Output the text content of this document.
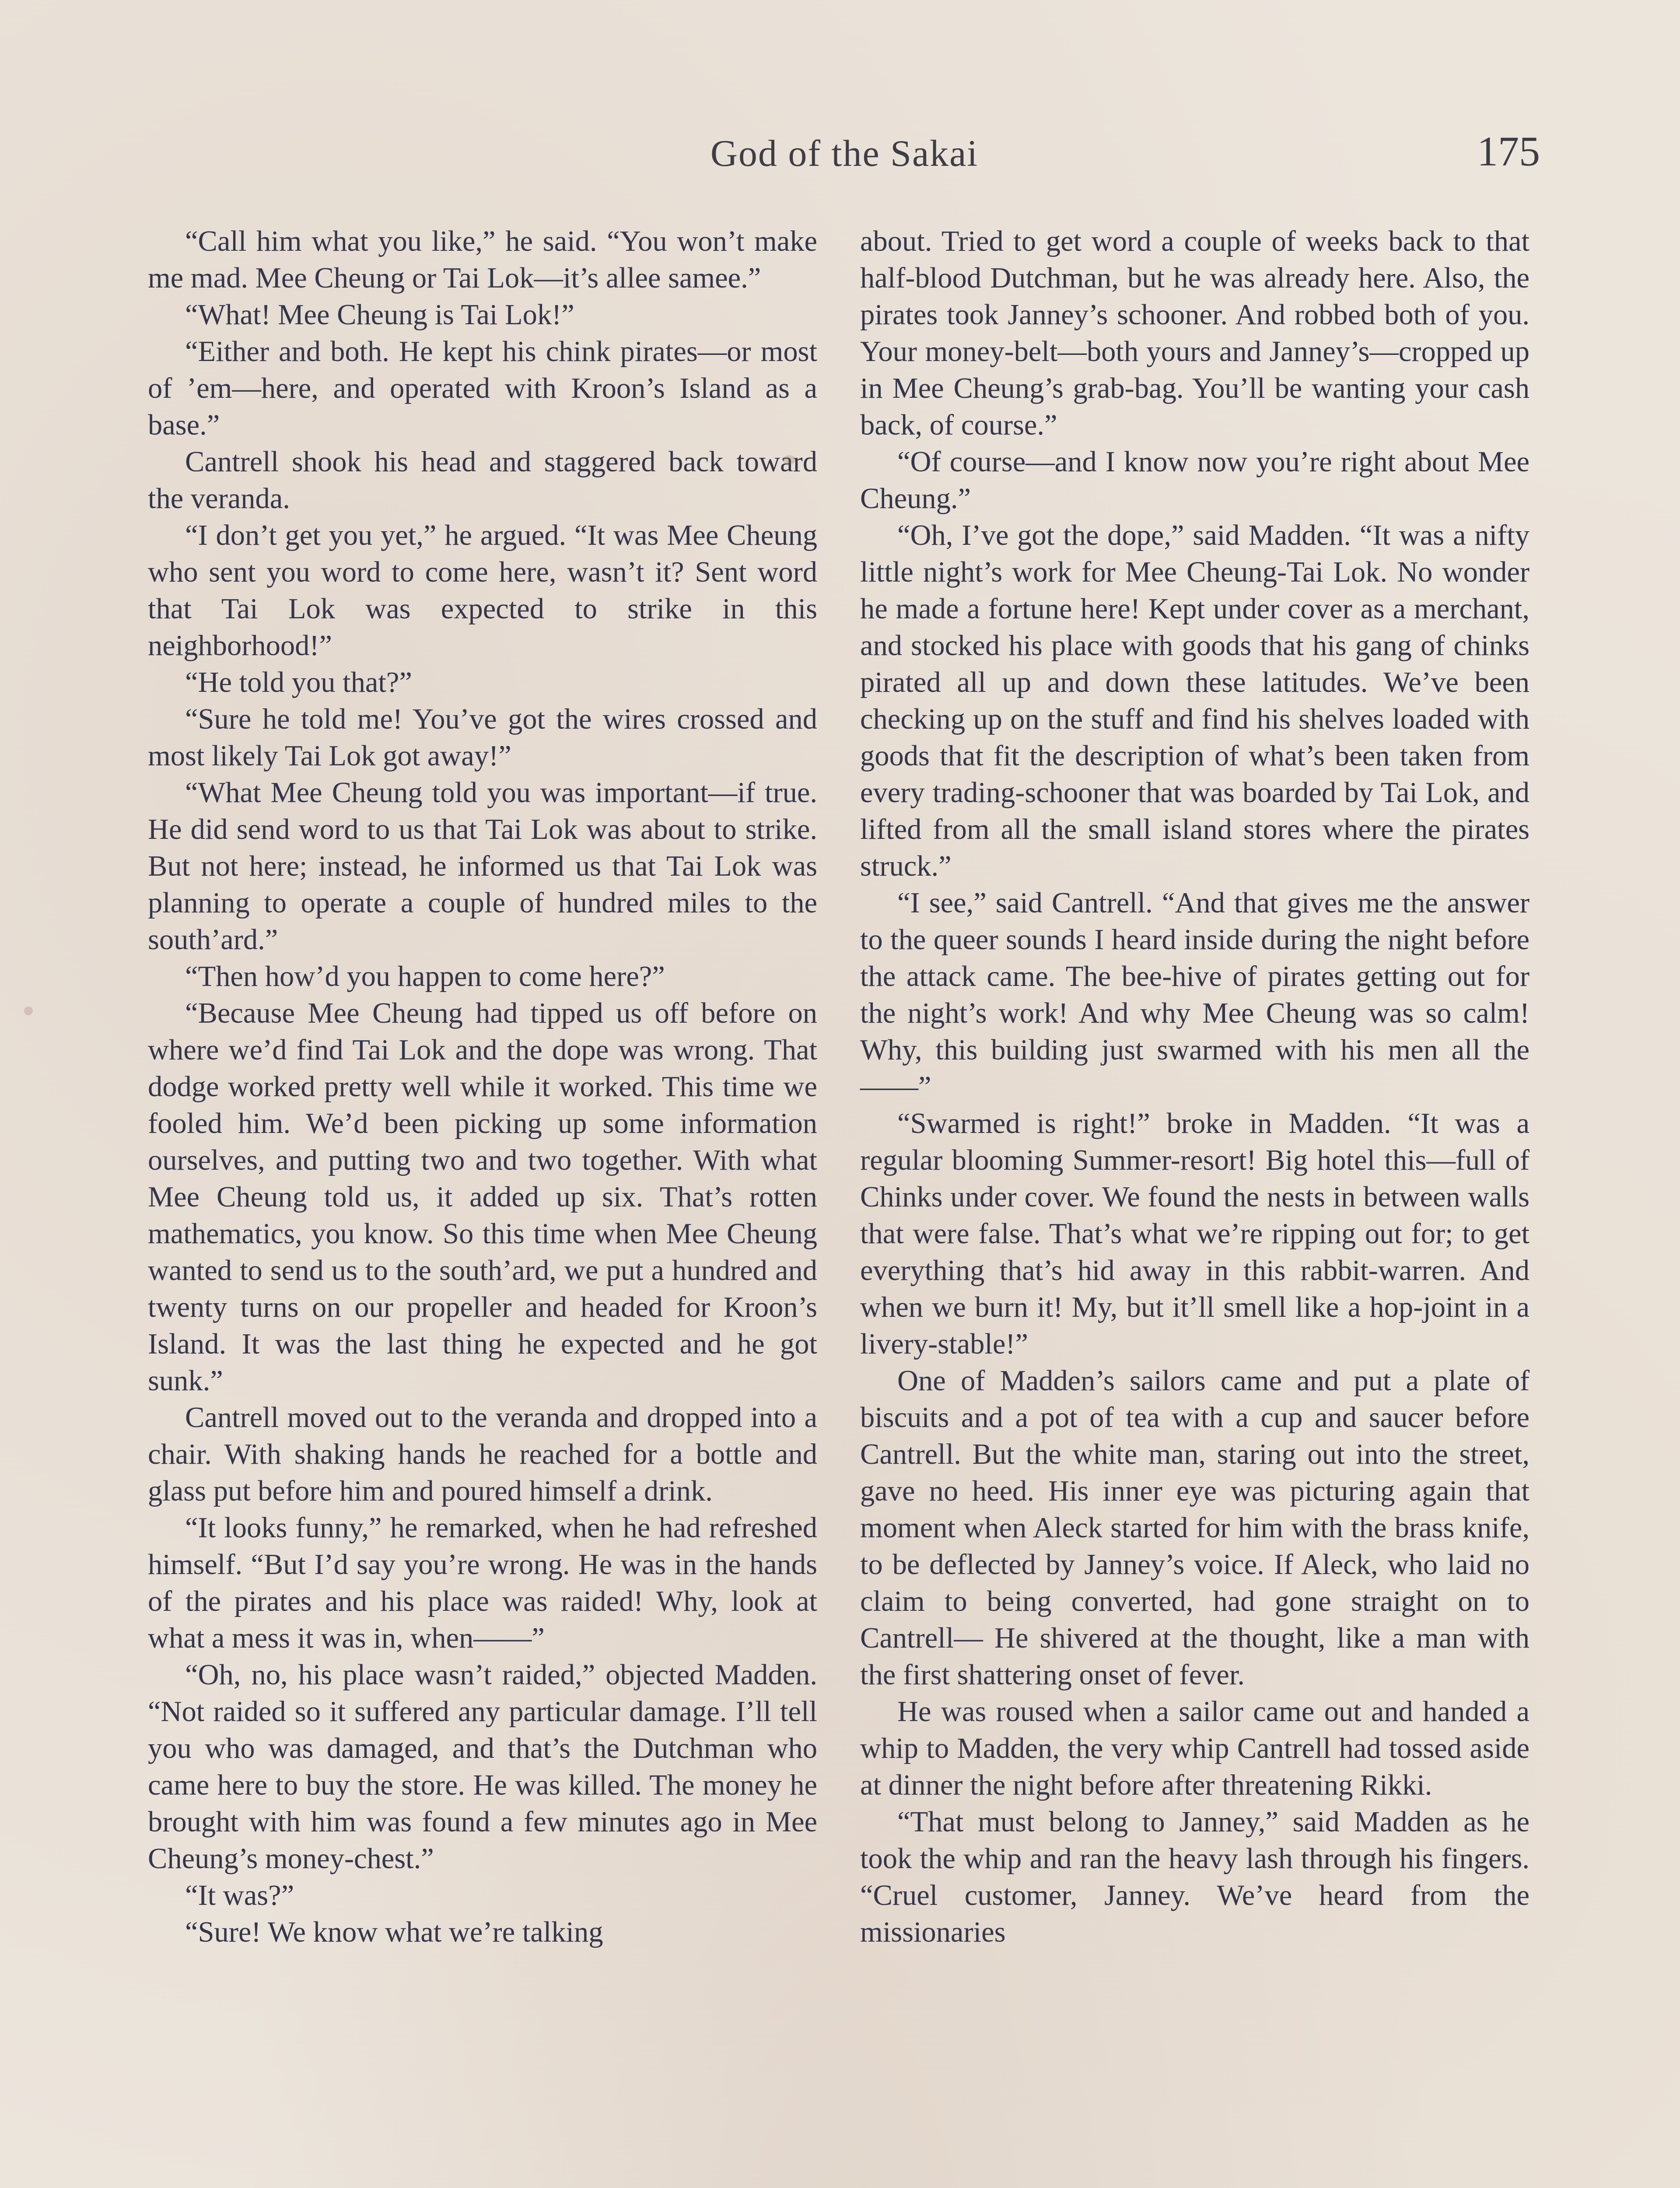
God of the Sakai	175

“Call him what you like,” he said. “You won’t make me mad. Mee Cheung or Tai Lok—it’s allee samee.”

“What! Mee Cheung is Tai Lok!”

“Either and both. He kept his chink pirates—or most of ’em—here, and operated with Kroon’s Island as a base.”

Cantrell shook his head and staggered back toward the veranda.

“I don’t get you yet,” he argued. “It was Mee Cheung who sent you word to come here, wasn’t it? Sent word that Tai Lok was expected to strike in this neighborhood!”

“He told you that?”

“Sure he told me! You’ve got the wires crossed and most likely Tai Lok got away!”

“What Mee Cheung told you was important—if true. He did send word to us that Tai Lok was about to strike. But not here; instead, he informed us that Tai Lok was planning to operate a couple of hundred miles to the south’ard.”

“Then how’d you happen to come here?”

“Because Mee Cheung had tipped us off before on where we’d find Tai Lok and the dope was wrong. That dodge worked pretty well while it worked. This time we fooled him. We’d been picking up some information ourselves, and putting two and two together. With what Mee Cheung told us, it added up six. That’s rotten mathematics, you know. So this time when Mee Cheung wanted to send us to the south’ard, we put a hundred and twenty turns on our propeller and headed for Kroon’s Island. It was the last thing he expected and he got sunk.”

Cantrell moved out to the veranda and dropped into a chair. With shaking hands he reached for a bottle and glass put before him and poured himself a drink.

“It looks funny,” he remarked, when he had refreshed himself. “But I’d say you’re wrong. He was in the hands of the pirates and his place was raided! Why, look at what a mess it was in, when——”

“Oh, no, his place wasn’t raided,” objected Madden. “Not raided so it suffered any particular damage. I’ll tell you who was damaged, and that’s the Dutchman who came here to buy the store. He was killed. The money he brought with him was found a few minutes ago in Mee Cheung’s money-chest.”

“It was?”

“Sure! We know what we’re talking

about. Tried to get word a couple of weeks back to that half-blood Dutchman, but he was already here. Also, the pirates took Janney’s schooner. And robbed both of you. Your money-belt—both yours and Janney’s—cropped up in Mee Cheung’s grab-bag. You’ll be wanting your cash back, of course.”

“Of course—and I know now you’re right about Mee Cheung.”

“Oh, I’ve got the dope,” said Madden. “It was a nifty little night’s work for Mee Cheung-Tai Lok. No wonder he made a fortune here! Kept under cover as a merchant, and stocked his place with goods that his gang of chinks pirated all up and down these latitudes. We’ve been checking up on the stuff and find his shelves loaded with goods that fit the description of what’s been taken from every trading-schooner that was boarded by Tai Lok, and lifted from all the small island stores where the pirates struck.”

“I see,” said Cantrell. “And that gives me the answer to the queer sounds I heard inside during the night before the attack came. The bee-hive of pirates getting out for the night’s work! And why Mee Cheung was so calm! Why, this building just swarmed with his men all the——”

“Swarmed is right!” broke in Madden. “It was a regular blooming Summer-resort! Big hotel this—full of Chinks under cover. We found the nests in between walls that were false. That’s what we’re ripping out for; to get everything that’s hid away in this rabbit-warren. And when we burn it! My, but it’ll smell like a hop-joint in a livery-stable!”

One of Madden’s sailors came and put a plate of biscuits and a pot of tea with a cup and saucer before Cantrell. But the white man, staring out into the street, gave no heed. His inner eye was picturing again that moment when Aleck started for him with the brass knife, to be deflected by Janney’s voice. If Aleck, who laid no claim to being converted, had gone straight on to Cantrell— He shivered at the thought, like a man with the first shattering onset of fever.

He was roused when a sailor came out and handed a whip to Madden, the very whip Cantrell had tossed aside at dinner the night before after threatening Rikki.

“That must belong to Janney,” said Madden as he took the whip and ran the heavy lash through his fingers. “Cruel customer, Janney. We’ve heard from the missionaries
